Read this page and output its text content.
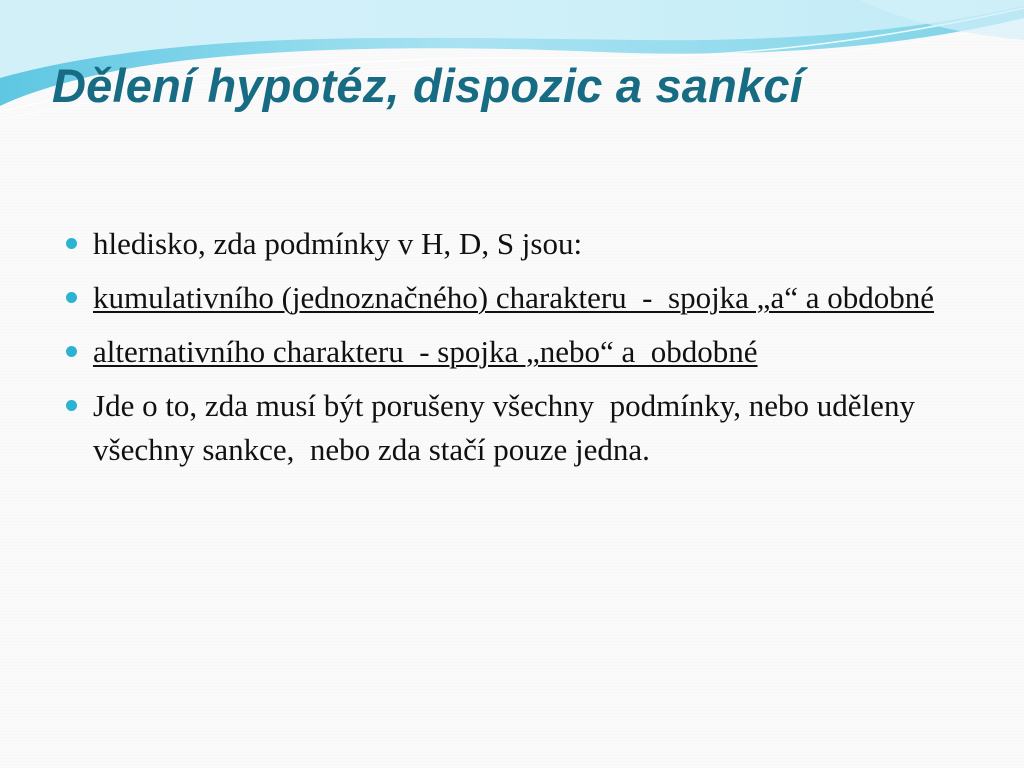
Dělení hypotéz, dispozic a sankcí
hledisko, zda podmínky v H, D, S jsou:
kumulativního (jednoznačného) charakteru  -  spojka „a“ a obdobné
alternativního charakteru  - spojka „nebo“ a  obdobné
Jde o to, zda musí být porušeny všechny  podmínky, nebo uděleny všechny sankce,  nebo zda stačí pouze jedna.
